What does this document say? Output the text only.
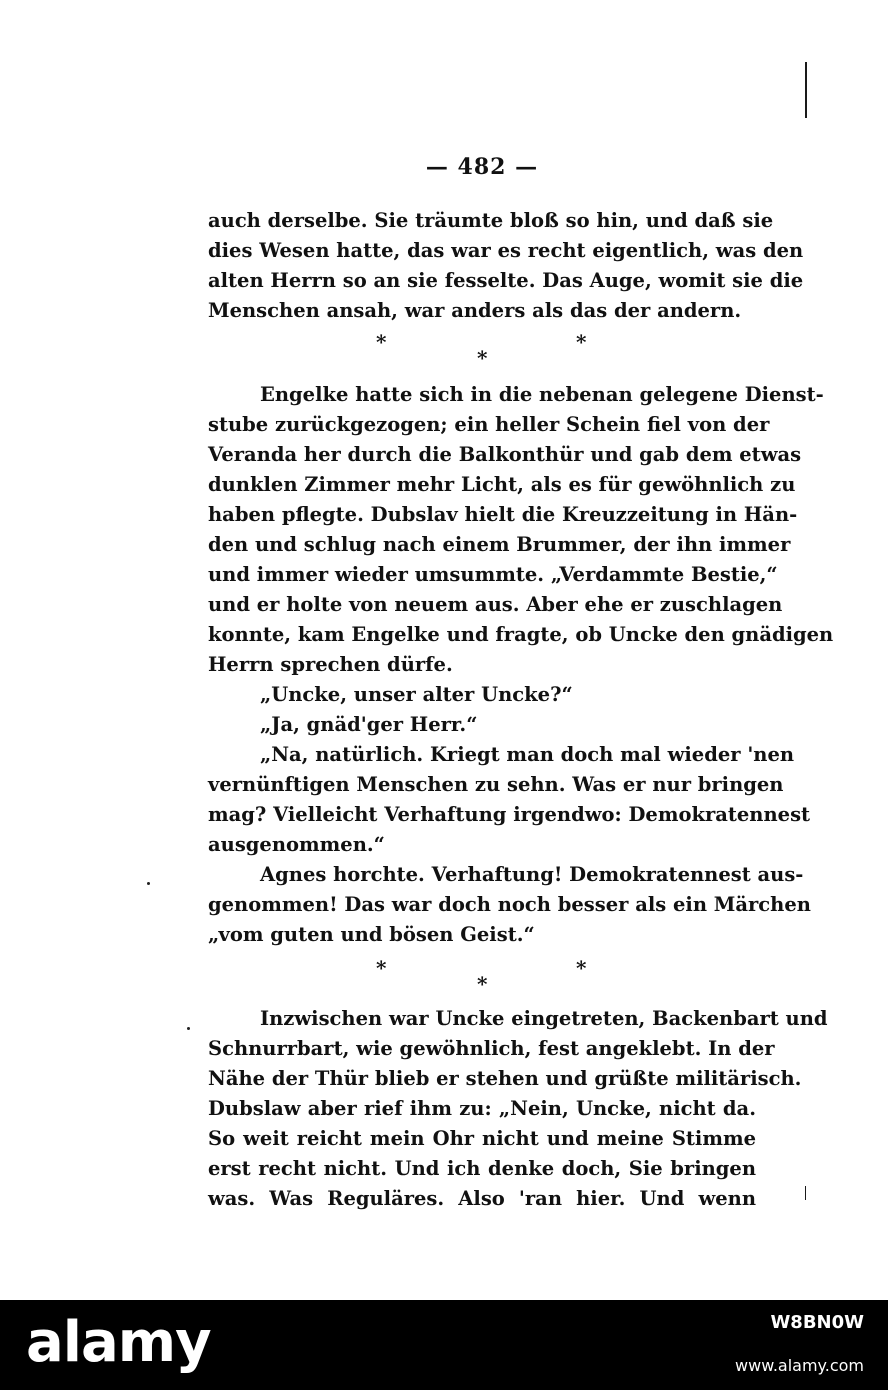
— 482 —
auch derselbe. Sie träumte bloß so hin, und daß sie
dies Wesen hatte, das war es recht eigentlich, was den
alten Herrn so an sie fesselte. Das Auge, womit sie die
Menschen ansah, war anders als das der andern.
*	*
*
Engelke hatte sich in die nebenan gelegene Dienst-
stube zurückgezogen; ein heller Schein fiel von der
Veranda her durch die Balkonthür und gab dem etwas
dunklen Zimmer mehr Licht, als es für gewöhnlich zu
haben pflegte. Dubslav hielt die Kreuzzeitung in Hän-
den und schlug nach einem Brummer, der ihn immer
und immer wieder umsummte. „Verdammte Bestie,“
und er holte von neuem aus. Aber ehe er zuschlagen
konnte, kam Engelke und fragte, ob Uncke den gnädigen
Herrn sprechen dürfe.
„Uncke, unser alter Uncke?“
„Ja, gnäd'ger Herr.“
„Na, natürlich. Kriegt man doch mal wieder 'nen
vernünftigen Menschen zu sehn. Was er nur bringen
mag? Vielleicht Verhaftung irgendwo: Demokratennest
ausgenommen.“
Agnes horchte. Verhaftung! Demokratennest aus-
genommen! Das war doch noch besser als ein Märchen
„vom guten und bösen Geist.“
*	*
*
Inzwischen war Uncke eingetreten, Backenbart und
Schnurrbart, wie gewöhnlich, fest angeklebt. In der
Nähe der Thür blieb er stehen und grüßte militärisch.
Dubslaw aber rief ihm zu: „Nein, Uncke, nicht da.
So weit reicht mein Ohr nicht und meine Stimme
erst recht nicht. Und ich denke doch, Sie bringen
was. Was Reguläres. Also 'ran hier. Und wenn
alamy	W8BN0W
www.alamy.com
